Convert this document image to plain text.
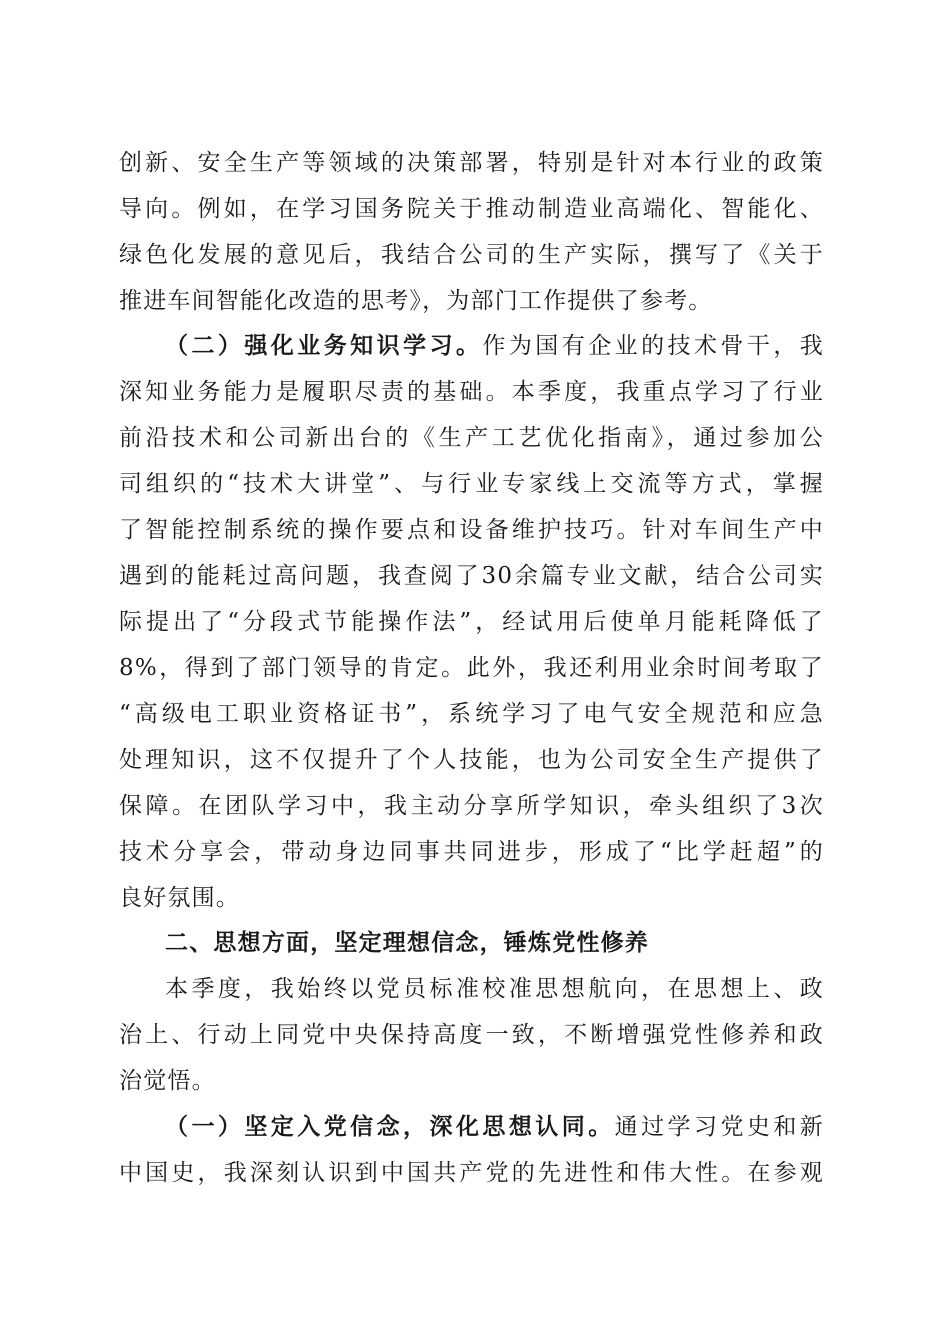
创新、安全生产等领域的决策部署，特别是针对本行业的政策
导向。例如，在学习国务院关于推动制造业高端化、智能化、
绿色化发展的意见后，我结合公司的生产实际，撰写了《关于
推进车间智能化改造的思考》，为部门工作提供了参考。
（二）强化业务知识学习。作为国有企业的技术骨干，我
深知业务能力是履职尽责的基础。本季度，我重点学习了行业
前沿技术和公司新出台的《生产工艺优化指南》，通过参加公
司组织的“技术大讲堂”、与行业专家线上交流等方式，掌握
了智能控制系统的操作要点和设备维护技巧。针对车间生产中
遇到的能耗过高问题，我查阅了30余篇专业文献，结合公司实
际提出了“分段式节能操作法”，经试用后使单月能耗降低了
8%，得到了部门领导的肯定。此外，我还利用业余时间考取了
“高级电工职业资格证书”，系统学习了电气安全规范和应急
处理知识，这不仅提升了个人技能，也为公司安全生产提供了
保障。在团队学习中，我主动分享所学知识，牵头组织了3次
技术分享会，带动身边同事共同进步，形成了“比学赶超”的
良好氛围。
二、思想方面，坚定理想信念，锤炼党性修养
本季度，我始终以党员标准校准思想航向，在思想上、政
治上、行动上同党中央保持高度一致，不断增强党性修养和政
治觉悟。
（一）坚定入党信念，深化思想认同。通过学习党史和新
中国史，我深刻认识到中国共产党的先进性和伟大性。在参观
